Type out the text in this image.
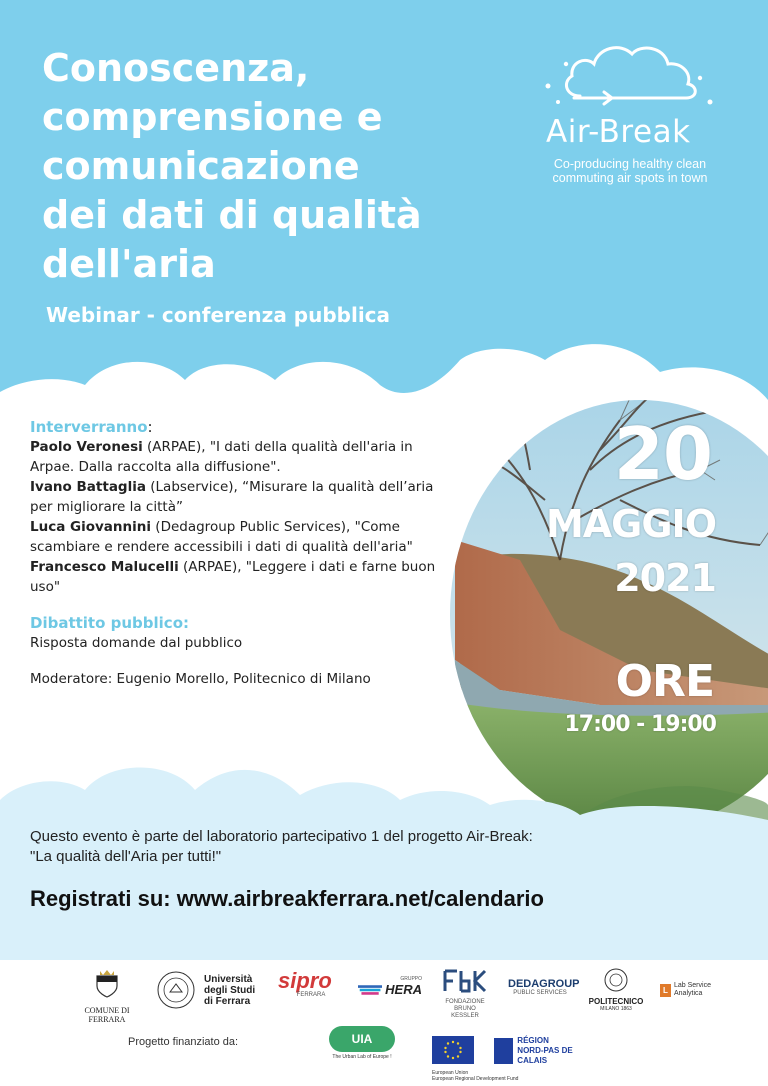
Conoscenza,
comprensione e
comunicazione
dei dati di qualità
dell'aria
Webinar - conferenza pubblica
Air-Break
Co-producing healthy clean
commuting air spots in town

Interverranno:

Paolo Veronesi (ARPAE), "I dati della qualità dell'aria in Arpae. Dalla raccolta alla diffusione".

Ivano Battaglia (Labservice), “Misurare la qualità dell’aria per migliorare la città”

Luca Giovannini (Dedagroup Public Services), "Come scambiare e rendere accessibili i dati di qualità dell'aria"

Francesco Malucelli (ARPAE), "Leggere i dati e farne buon uso"

Dibattito pubblico:

Risposta domande dal pubblico

Moderatore: Eugenio Morello, Politecnico di Milano

20
MAGGIO
2021
ORE
17:00 - 19:00
Questo evento è parte del laboratorio partecipativo 1 del progetto Air-Break:
"La qualità dell'Aria per tutti!"
Registrati su: www.airbreakferrara.net/calendario
COMUNE DI FERRARA
Università
degli Studi
di Ferrara
sipro
FERRARA
GRUPPO
HERA
FONDAZIONE
BRUNO KESSLER
DEDAGROUP
PUBLIC SERVICES
POLITECNICO
MILANO 1863
L Lab Service
Analytica
Progetto finanziato da:	UIA
The Urban Lab of Europe !
European Union
European Regional Development Fund
RÉGION
NORD-PAS DE CALAIS
